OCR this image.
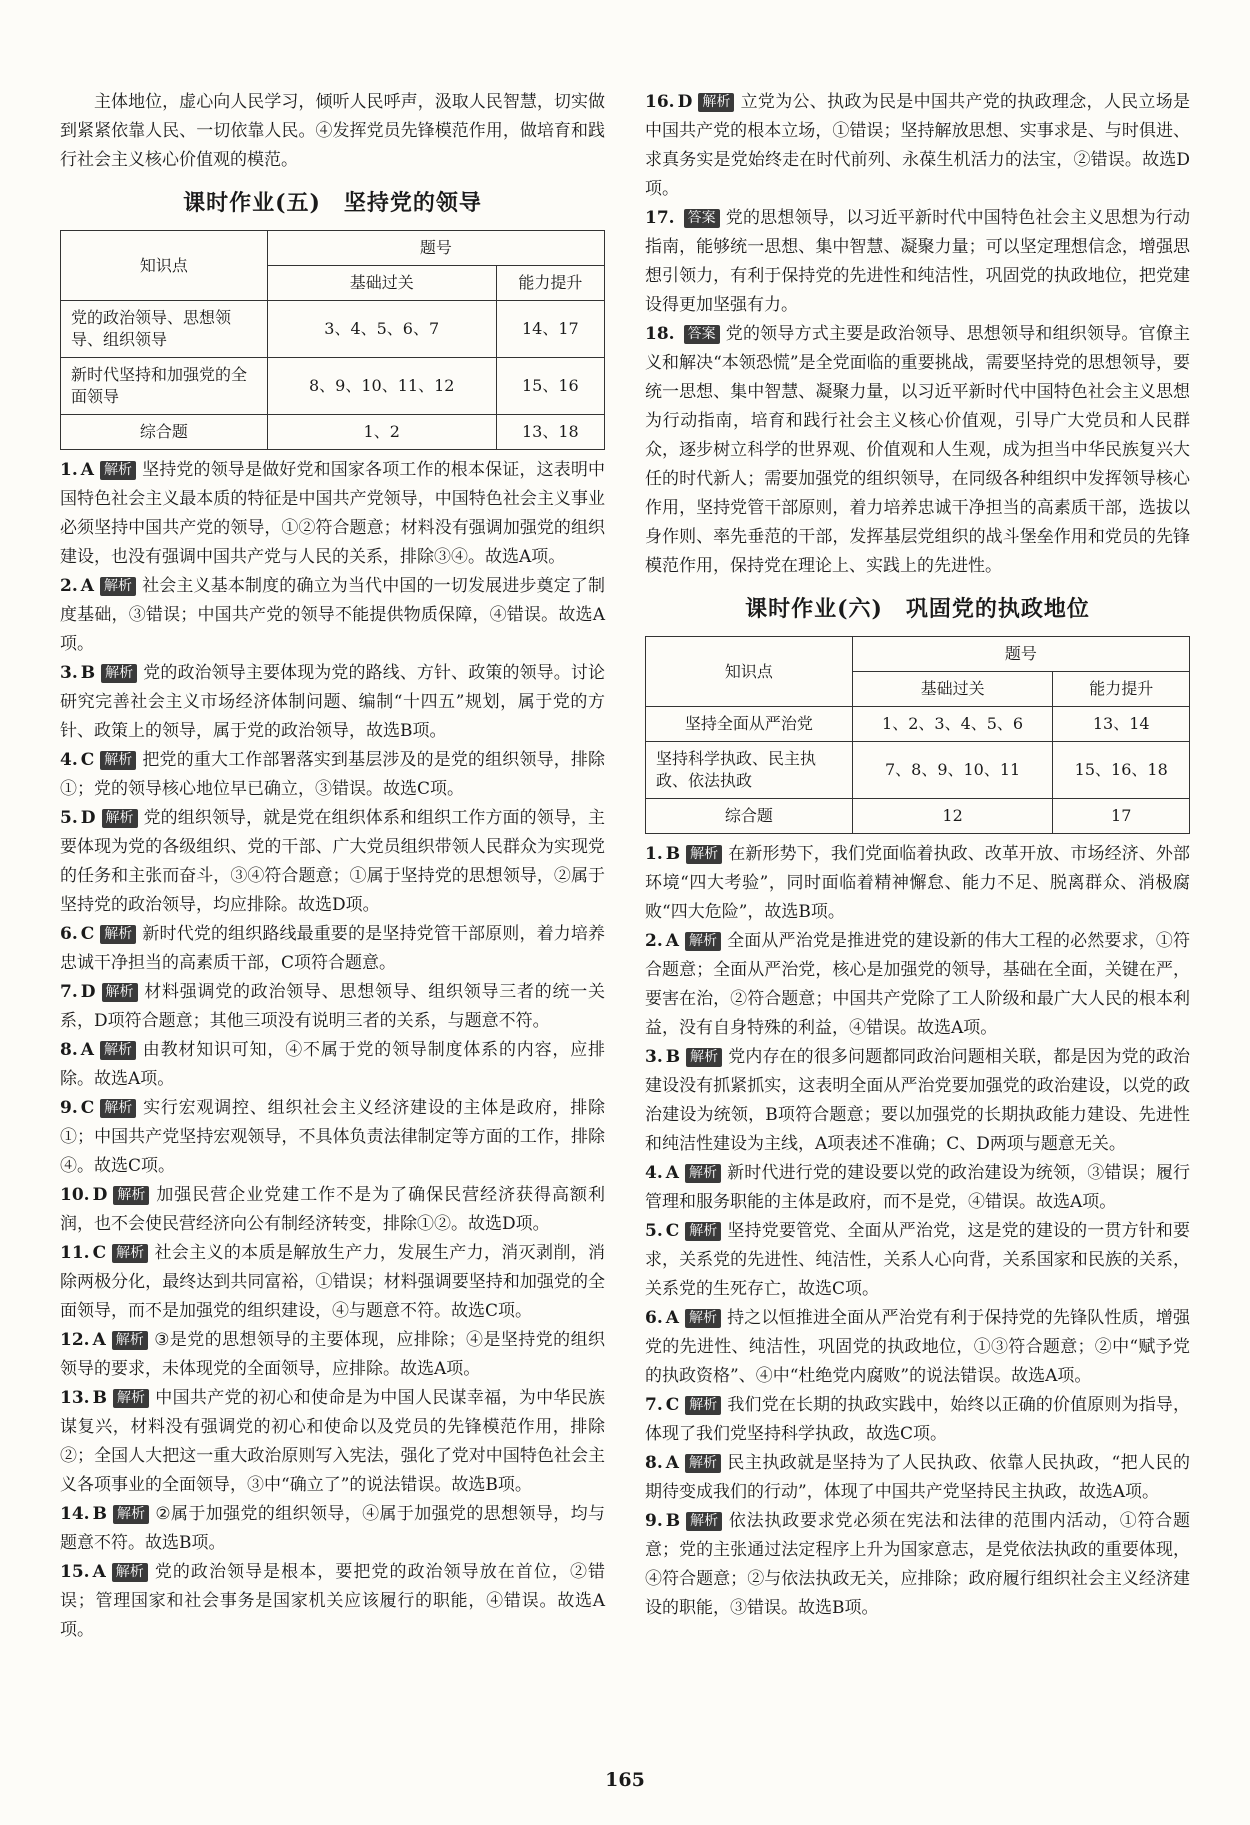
主体地位，虚心向人民学习，倾听人民呼声，汲取人民智慧，切实做到紧紧依靠人民、一切依靠人民。④发挥党员先锋模范作用，做培育和践行社会主义核心价值观的模范。

课时作业(五)　坚持党的领导
知识点	题号	
	基础过关	能力提升
党的政治领导、思想领导、组织领导	3、4、5、6、7	14、17
新时代坚持和加强党的全面领导	8、9、10、11、12	15、16
综合题	1、2	13、18

1. A 解析 坚持党的领导是做好党和国家各项工作的根本保证，这表明中国特色社会主义最本质的特征是中国共产党领导，中国特色社会主义事业必须坚持中国共产党的领导，①②符合题意；材料没有强调加强党的组织建设，也没有强调中国共产党与人民的关系，排除③④。故选A项。

2. A 解析 社会主义基本制度的确立为当代中国的一切发展进步奠定了制度基础，③错误；中国共产党的领导不能提供物质保障，④错误。故选A项。

3. B 解析 党的政治领导主要体现为党的路线、方针、政策的领导。讨论研究完善社会主义市场经济体制问题、编制“十四五”规划，属于党的方针、政策上的领导，属于党的政治领导，故选B项。

4. C 解析 把党的重大工作部署落实到基层涉及的是党的组织领导，排除①；党的领导核心地位早已确立，③错误。故选C项。

5. D 解析 党的组织领导，就是党在组织体系和组织工作方面的领导，主要体现为党的各级组织、党的干部、广大党员组织带领人民群众为实现党的任务和主张而奋斗，③④符合题意；①属于坚持党的思想领导，②属于坚持党的政治领导，均应排除。故选D项。

6. C 解析 新时代党的组织路线最重要的是坚持党管干部原则，着力培养忠诚干净担当的高素质干部，C项符合题意。

7. D 解析 材料强调党的政治领导、思想领导、组织领导三者的统一关系，D项符合题意；其他三项没有说明三者的关系，与题意不符。

8. A 解析 由教材知识可知，④不属于党的领导制度体系的内容，应排除。故选A项。

9. C 解析 实行宏观调控、组织社会主义经济建设的主体是政府，排除①；中国共产党坚持宏观领导，不具体负责法律制定等方面的工作，排除④。故选C项。

10. D 解析 加强民营企业党建工作不是为了确保民营经济获得高额利润，也不会使民营经济向公有制经济转变，排除①②。故选D项。

11. C 解析 社会主义的本质是解放生产力，发展生产力，消灭剥削，消除两极分化，最终达到共同富裕，①错误；材料强调要坚持和加强党的全面领导，而不是加强党的组织建设，④与题意不符。故选C项。

12. A 解析 ③是党的思想领导的主要体现，应排除；④是坚持党的组织领导的要求，未体现党的全面领导，应排除。故选A项。

13. B 解析 中国共产党的初心和使命是为中国人民谋幸福，为中华民族谋复兴，材料没有强调党的初心和使命以及党员的先锋模范作用，排除②；全国人大把这一重大政治原则写入宪法，强化了党对中国特色社会主义各项事业的全面领导，③中“确立了”的说法错误。故选B项。

14. B 解析 ②属于加强党的组织领导，④属于加强党的思想领导，均与题意不符。故选B项。

15. A 解析 党的政治领导是根本，要把党的政治领导放在首位，②错误；管理国家和社会事务是国家机关应该履行的职能，④错误。故选A项。

16. D 解析 立党为公、执政为民是中国共产党的执政理念，人民立场是中国共产党的根本立场，①错误；坚持解放思想、实事求是、与时俱进、求真务实是党始终走在时代前列、永葆生机活力的法宝，②错误。故选D项。

17. 答案 党的思想领导，以习近平新时代中国特色社会主义思想为行动指南，能够统一思想、集中智慧、凝聚力量；可以坚定理想信念，增强思想引领力，有利于保持党的先进性和纯洁性，巩固党的执政地位，把党建设得更加坚强有力。

18. 答案 党的领导方式主要是政治领导、思想领导和组织领导。官僚主义和解决“本领恐慌”是全党面临的重要挑战，需要坚持党的思想领导，要统一思想、集中智慧、凝聚力量，以习近平新时代中国特色社会主义思想为行动指南，培育和践行社会主义核心价值观，引导广大党员和人民群众，逐步树立科学的世界观、价值观和人生观，成为担当中华民族复兴大任的时代新人；需要加强党的组织领导，在同级各种组织中发挥领导核心作用，坚持党管干部原则，着力培养忠诚干净担当的高素质干部，选拔以身作则、率先垂范的干部，发挥基层党组织的战斗堡垒作用和党员的先锋模范作用，保持党在理论上、实践上的先进性。

课时作业(六)　巩固党的执政地位
知识点	题号	
	基础过关	能力提升
坚持全面从严治党	1、2、3、4、5、6	13、14
坚持科学执政、民主执政、依法执政	7、8、9、10、11	15、16、18
综合题	12	17

1. B 解析 在新形势下，我们党面临着执政、改革开放、市场经济、外部环境“四大考验”，同时面临着精神懈怠、能力不足、脱离群众、消极腐败“四大危险”，故选B项。

2. A 解析 全面从严治党是推进党的建设新的伟大工程的必然要求，①符合题意；全面从严治党，核心是加强党的领导，基础在全面，关键在严，要害在治，②符合题意；中国共产党除了工人阶级和最广大人民的根本利益，没有自身特殊的利益，④错误。故选A项。

3. B 解析 党内存在的很多问题都同政治问题相关联，都是因为党的政治建设没有抓紧抓实，这表明全面从严治党要加强党的政治建设，以党的政治建设为统领，B项符合题意；要以加强党的长期执政能力建设、先进性和纯洁性建设为主线，A项表述不准确；C、D两项与题意无关。

4. A 解析 新时代进行党的建设要以党的政治建设为统领，③错误；履行管理和服务职能的主体是政府，而不是党，④错误。故选A项。

5. C 解析 坚持党要管党、全面从严治党，这是党的建设的一贯方针和要求，关系党的先进性、纯洁性，关系人心向背，关系国家和民族的关系，关系党的生死存亡，故选C项。

6. A 解析 持之以恒推进全面从严治党有利于保持党的先锋队性质，增强党的先进性、纯洁性，巩固党的执政地位，①③符合题意；②中“赋予党的执政资格”、④中“杜绝党内腐败”的说法错误。故选A项。

7. C 解析 我们党在长期的执政实践中，始终以正确的价值原则为指导，体现了我们党坚持科学执政，故选C项。

8. A 解析 民主执政就是坚持为了人民执政、依靠人民执政，“把人民的期待变成我们的行动”，体现了中国共产党坚持民主执政，故选A项。

9. B 解析 依法执政要求党必须在宪法和法律的范围内活动，①符合题意；党的主张通过法定程序上升为国家意志，是党依法执政的重要体现，④符合题意；②与依法执政无关，应排除；政府履行组织社会主义经济建设的职能，③错误。故选B项。

165
